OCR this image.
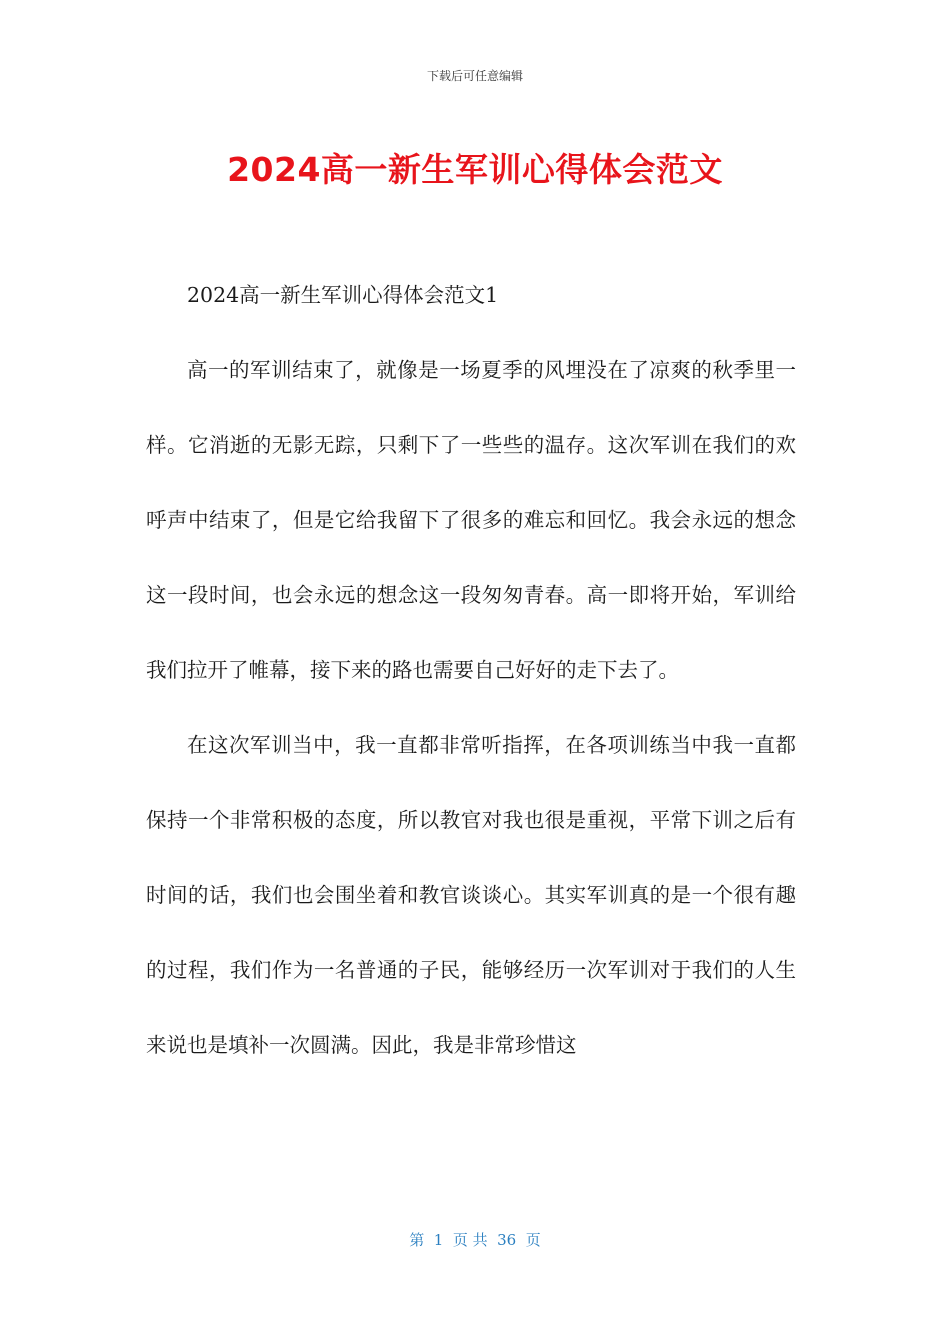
下载后可任意编辑
2024高一新生军训心得体会范文

2024高一新生军训心得体会范文1

高一的军训结束了，就像是一场夏季的风埋没在了凉爽的秋季里一样。它消逝的无影无踪，只剩下了一些些的温存。这次军训在我们的欢呼声中结束了，但是它给我留下了很多的难忘和回忆。我会永远的想念这一段时间，也会永远的想念这一段匆匆青春。高一即将开始，军训给我们拉开了帷幕，接下来的路也需要自己好好的走下去了。

在这次军训当中，我一直都非常听指挥，在各项训练当中我一直都保持一个非常积极的态度，所以教官对我也很是重视，平常下训之后有时间的话，我们也会围坐着和教官谈谈心。其实军训真的是一个很有趣的过程，我们作为一名普通的子民，能够经历一次军训对于我们的人生来说也是填补一次圆满。因此，我是非常珍惜这

第  1  页 共  36  页
